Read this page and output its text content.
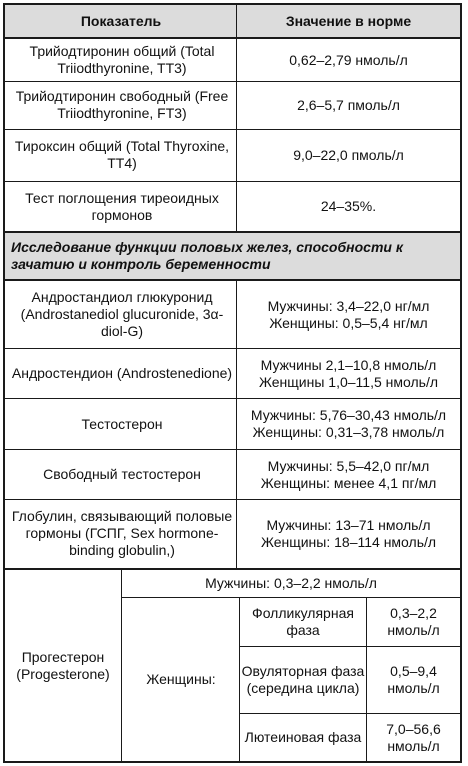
Показатель	Значение в норме
Трийодтиронин общий (Total Triiodthyronine, TT3)
0,62–2,79 нмоль/л
Трийодтиронин свободный (Free Triiodthyronine, FT3)
2,6–5,7 пмоль/л
Тироксин общий (Total Thyroxine, TT4)
9,0–22,0 пмоль/л
Тест поглощения тиреоидных гормонов
24–35%.
Исследование функции половых желез, способности к зачатию и контроль беременности
Андростандиол глюкуронид (Androstanediol glucuronide, 3α-diol-G)
Мужчины: 3,4–22,0 нг/мл Женщины: 0,5–5,4 нг/мл
Андростендион (Androstenedione)
Мужчины 2,1–10,8 нмоль/л Женщины 1,0–11,5 нмоль/л
Тестостерон
Мужчины: 5,76–30,43 нмоль/л Женщины: 0,31–3,78 нмоль/л
Свободный тестостерон
Мужчины: 5,5–42,0 пг/мл Женщины: менее 4,1 пг/мл
Глобулин, связывающий половые гормоны (ГСПГ, Sex hormone-binding globulin,)
Мужчины: 13–71 нмоль/л Женщины: 18–114 нмоль/л
Прогестерон (Progesterone)
Мужчины: 0,3–2,2 нмоль/л
Женщины:
Фолликулярная фаза
0,3–2,2 нмоль/л
Овуляторная фаза (середина цикла)
0,5–9,4 нмоль/л
Лютеиновая фаза
7,0–56,6 нмоль/л
